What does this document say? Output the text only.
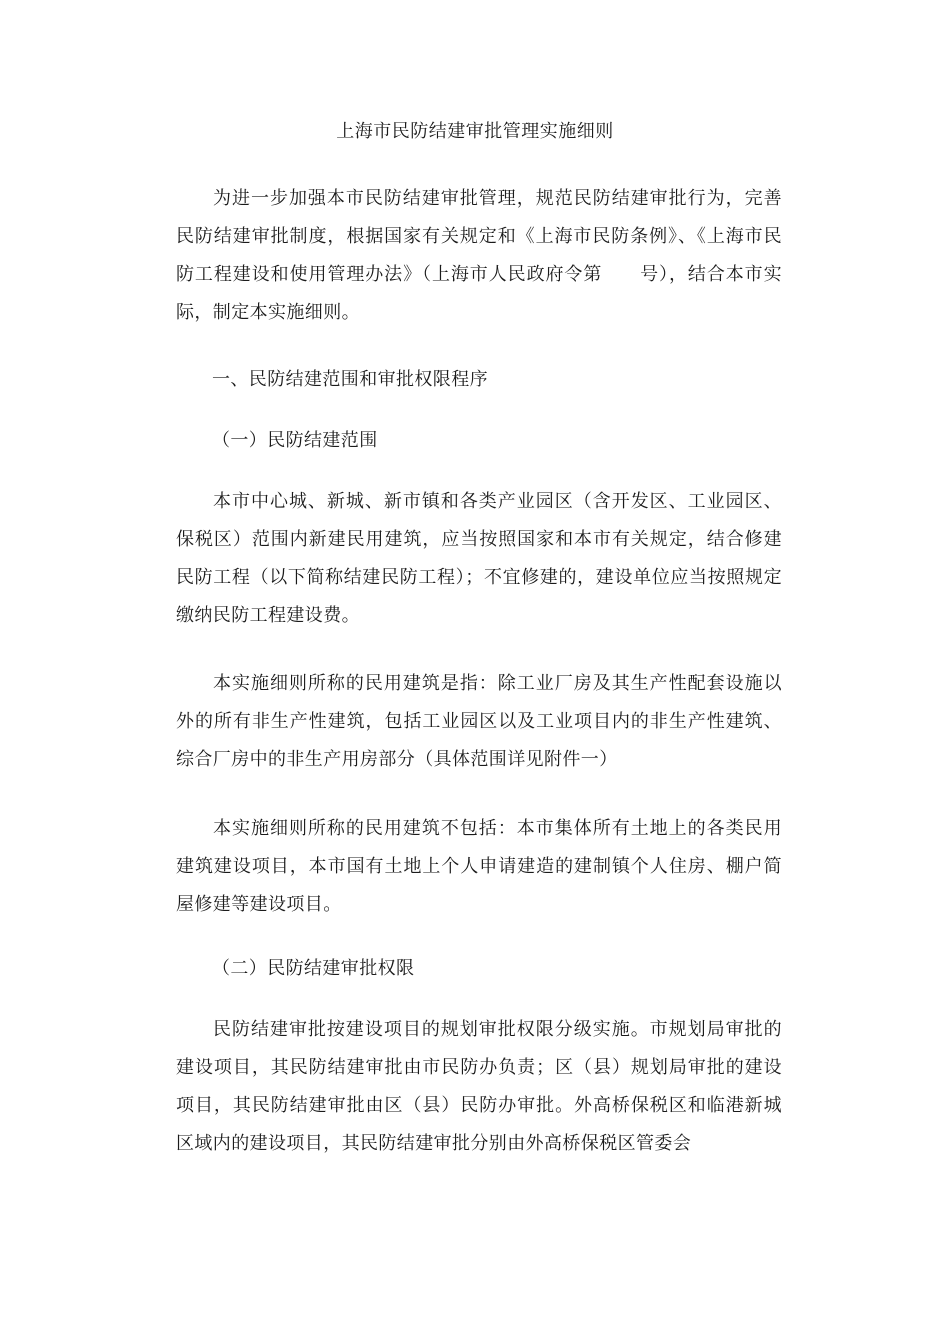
上海市民防结建审批管理实施细则
为进一步加强本市民防结建审批管理，规范民防结建审批行为，完善民防结建审批制度，根据国家有关规定和《上海市民防条例》、《上海市民防工程建设和使用管理办法》（上海市人民政府令第　　号），结合本市实际，制定本实施细则。
一、民防结建范围和审批权限程序
（一）民防结建范围
本市中心城、新城、新市镇和各类产业园区（含开发区、工业园区、保税区）范围内新建民用建筑，应当按照国家和本市有关规定，结合修建民防工程（以下简称结建民防工程）；不宜修建的，建设单位应当按照规定缴纳民防工程建设费。
本实施细则所称的民用建筑是指：除工业厂房及其生产性配套设施以外的所有非生产性建筑，包括工业园区以及工业项目内的非生产性建筑、综合厂房中的非生产用房部分（具体范围详见附件一）
本实施细则所称的民用建筑不包括：本市集体所有土地上的各类民用建筑建设项目，本市国有土地上个人申请建造的建制镇个人住房、棚户简屋修建等建设项目。
（二）民防结建审批权限
民防结建审批按建设项目的规划审批权限分级实施。市规划局审批的建设项目，其民防结建审批由市民防办负责；区（县）规划局审批的建设项目，其民防结建审批由区（县）民防办审批。外高桥保税区和临港新城区域内的建设项目，其民防结建审批分别由外高桥保税区管委会
